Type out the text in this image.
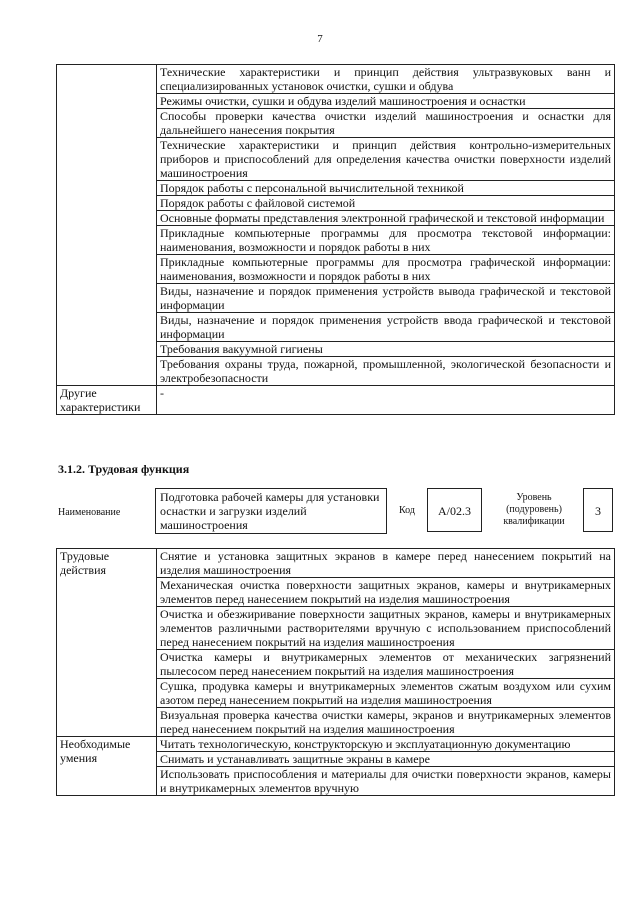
7
	Технические характеристики и принцип действия ультразвуковых ванн и специализированных установок очистки, сушки и обдува
	Режимы очистки, сушки и обдува изделий машиностроения и оснастки
	Способы проверки качества очистки изделий машиностроения и оснастки для дальнейшего нанесения покрытия
	Технические характеристики и принцип действия контрольно-измерительных приборов и приспособлений для определения качества очистки поверхности изделий машиностроения
	Порядок работы с персональной вычислительной техникой
	Порядок работы с файловой системой
	Основные форматы представления электронной графической и текстовой информации
	Прикладные компьютерные программы для просмотра текстовой информации: наименования, возможности и порядок работы в них
	Прикладные компьютерные программы для просмотра графической информации: наименования, возможности и порядок работы в них
	Виды, назначение и порядок применения устройств вывода графической и текстовой информации
	Виды, назначение и порядок применения устройств ввода графической и текстовой информации
	Требования вакуумной гигиены
	Требования охраны труда, пожарной, промышленной, экологической безопасности и электробезопасности
Другие характеристики	-
3.1.2. Трудовая функция
Наименование
Подготовка рабочей камеры для установки оснастки и загрузки изделий машиностроения
Код	A/02.3
Уровень (подуровень) квалификации
3
Трудовые действия	Снятие и установка защитных экранов в камере перед нанесением покрытий на изделия машиностроения
	Механическая очистка поверхности защитных экранов, камеры и внутрикамерных элементов перед нанесением покрытий на изделия машиностроения
	Очистка и обезжиривание поверхности защитных экранов, камеры и внутрикамерных элементов различными растворителями вручную с использованием приспособлений перед нанесением покрытий на изделия машиностроения
	Очистка камеры и внутрикамерных элементов от механических загрязнений пылесосом перед нанесением покрытий на изделия машиностроения
	Сушка, продувка камеры и внутрикамерных элементов сжатым воздухом или сухим азотом перед нанесением покрытий на изделия машиностроения
	Визуальная проверка качества очистки камеры, экранов и внутрикамерных элементов перед нанесением покрытий на изделия машиностроения
Необходимые умения	Читать технологическую, конструкторскую и эксплуатационную документацию
	Снимать и устанавливать защитные экраны в камере
	Использовать приспособления и материалы для очистки поверхности экранов, камеры и внутрикамерных элементов вручную
